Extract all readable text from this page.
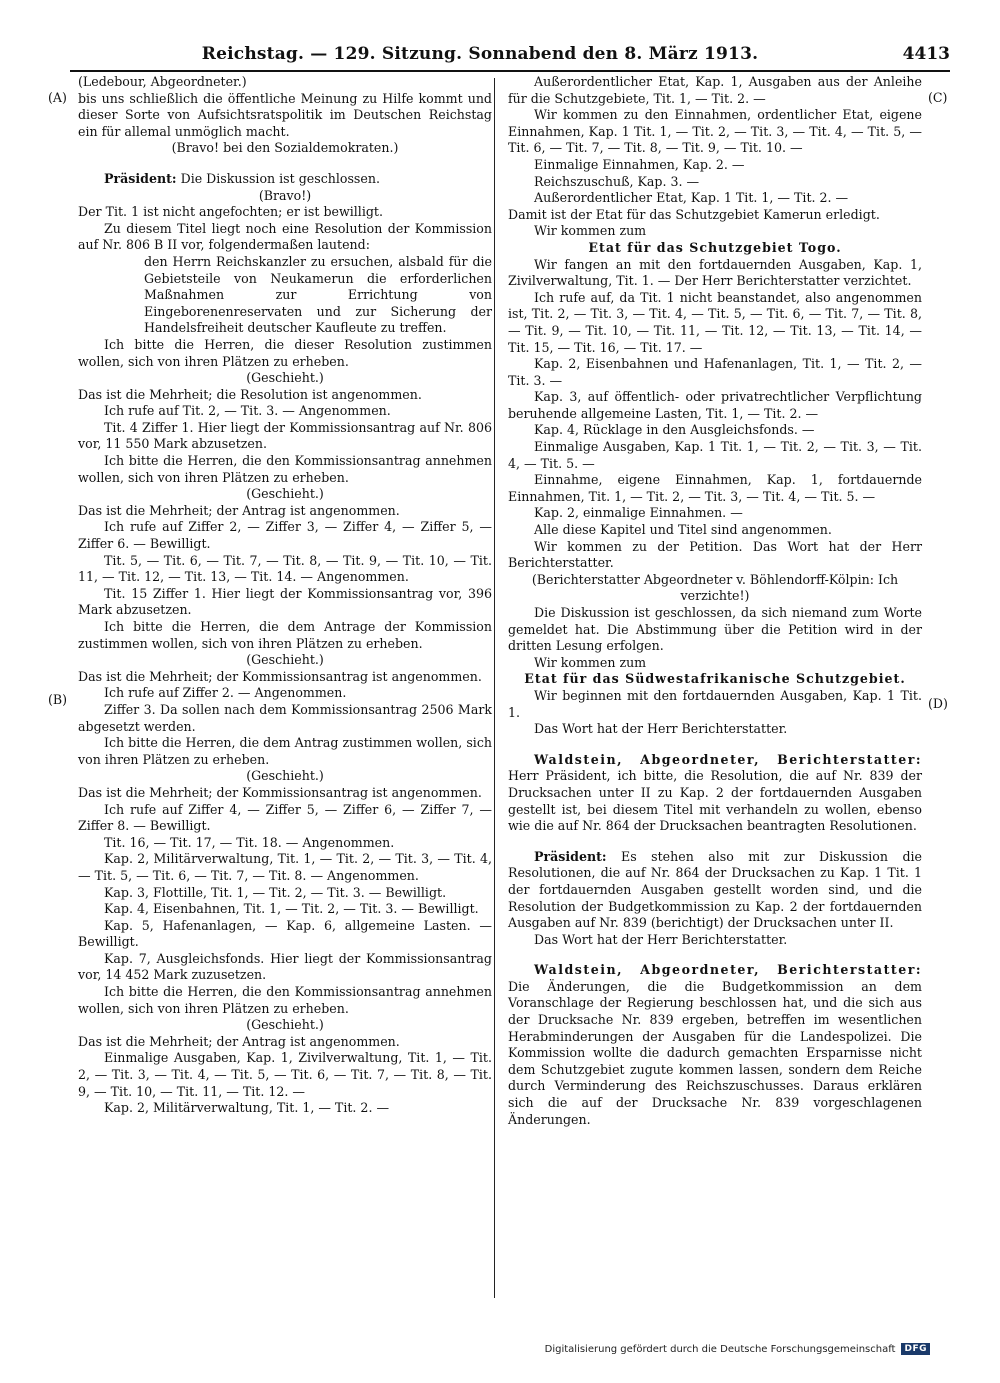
Reichstag. — 129. Sitzung. Sonnabend den 8. März 1913.	4413
(A)
(B)
(C)
(D)

(Ledebour, Abgeordneter.)

bis uns schließlich die öffentliche Meinung zu Hilfe kommt und dieser Sorte von Aufsichtsratspolitik im Deutschen Reichstag ein für allemal unmöglich macht.

(Bravo! bei den Sozialdemokraten.)

Präsident: Die Diskussion ist geschlossen.

(Bravo!)

Der Tit. 1 ist nicht angefochten; er ist bewilligt.

Zu diesem Titel liegt noch eine Resolution der Kommission auf Nr. 806 B II vor, folgendermaßen lautend:

den Herrn Reichskanzler zu ersuchen, alsbald für die Gebietsteile von Neukamerun die erforderlichen Maßnahmen zur Errichtung von Eingeborenenreservaten und zur Sicherung der Handelsfreiheit deutscher Kaufleute zu treffen.

Ich bitte die Herren, die dieser Resolution zustimmen wollen, sich von ihren Plätzen zu erheben.

(Geschieht.)

Das ist die Mehrheit; die Resolution ist angenommen.

Ich rufe auf Tit. 2, — Tit. 3. — Angenommen.

Tit. 4 Ziffer 1. Hier liegt der Kommissionsantrag auf Nr. 806 vor, 11 550 Mark abzusetzen.

Ich bitte die Herren, die den Kommissionsantrag annehmen wollen, sich von ihren Plätzen zu erheben.

(Geschieht.)

Das ist die Mehrheit; der Antrag ist angenommen.

Ich rufe auf Ziffer 2, — Ziffer 3, — Ziffer 4, — Ziffer 5, — Ziffer 6. — Bewilligt.

Tit. 5, — Tit. 6, — Tit. 7, — Tit. 8, — Tit. 9, — Tit. 10, — Tit. 11, — Tit. 12, — Tit. 13, — Tit. 14. — Angenommen.

Tit. 15 Ziffer 1. Hier liegt der Kommissionsantrag vor, 396 Mark abzusetzen.

Ich bitte die Herren, die dem Antrage der Kommission zustimmen wollen, sich von ihren Plätzen zu erheben.

(Geschieht.)

Das ist die Mehrheit; der Kommissionsantrag ist angenommen.

Ich rufe auf Ziffer 2. — Angenommen.

Ziffer 3. Da sollen nach dem Kommissionsantrag 2506 Mark abgesetzt werden.

Ich bitte die Herren, die dem Antrag zustimmen wollen, sich von ihren Plätzen zu erheben.

(Geschieht.)

Das ist die Mehrheit; der Kommissionsantrag ist angenommen.

Ich rufe auf Ziffer 4, — Ziffer 5, — Ziffer 6, — Ziffer 7, — Ziffer 8. — Bewilligt.

Tit. 16, — Tit. 17, — Tit. 18. — Angenommen.

Kap. 2, Militärverwaltung, Tit. 1, — Tit. 2, — Tit. 3, — Tit. 4, — Tit. 5, — Tit. 6, — Tit. 7, — Tit. 8. — Angenommen.

Kap. 3, Flottille, Tit. 1, — Tit. 2, — Tit. 3. — Bewilligt.

Kap. 4, Eisenbahnen, Tit. 1, — Tit. 2, — Tit. 3. — Bewilligt.

Kap. 5, Hafenanlagen, — Kap. 6, allgemeine Lasten. — Bewilligt.

Kap. 7, Ausgleichsfonds. Hier liegt der Kommissionsantrag vor, 14 452 Mark zuzusetzen.

Ich bitte die Herren, die den Kommissionsantrag annehmen wollen, sich von ihren Plätzen zu erheben.

(Geschieht.)

Das ist die Mehrheit; der Antrag ist angenommen.

Einmalige Ausgaben, Kap. 1, Zivilverwaltung, Tit. 1, — Tit. 2, — Tit. 3, — Tit. 4, — Tit. 5, — Tit. 6, — Tit. 7, — Tit. 8, — Tit. 9, — Tit. 10, — Tit. 11, — Tit. 12. —

Kap. 2, Militärverwaltung, Tit. 1, — Tit. 2. —

Außerordentlicher Etat, Kap. 1, Ausgaben aus der Anleihe für die Schutzgebiete, Tit. 1, — Tit. 2. —

Wir kommen zu den Einnahmen, ordentlicher Etat, eigene Einnahmen, Kap. 1 Tit. 1, — Tit. 2, — Tit. 3, — Tit. 4, — Tit. 5, — Tit. 6, — Tit. 7, — Tit. 8, — Tit. 9, — Tit. 10. —

Einmalige Einnahmen, Kap. 2. —

Reichszuschuß, Kap. 3. —

Außerordentlicher Etat, Kap. 1 Tit. 1, — Tit. 2. —

Damit ist der Etat für das Schutzgebiet Kamerun erledigt.

Wir kommen zum

Etat für das Schutzgebiet Togo.

Wir fangen an mit den fortdauernden Ausgaben, Kap. 1, Zivilverwaltung, Tit. 1. — Der Herr Berichterstatter verzichtet.

Ich rufe auf, da Tit. 1 nicht beanstandet, also angenommen ist, Tit. 2, — Tit. 3, — Tit. 4, — Tit. 5, — Tit. 6, — Tit. 7, — Tit. 8, — Tit. 9, — Tit. 10, — Tit. 11, — Tit. 12, — Tit. 13, — Tit. 14, — Tit. 15, — Tit. 16, — Tit. 17. —

Kap. 2, Eisenbahnen und Hafenanlagen, Tit. 1, — Tit. 2, — Tit. 3. —

Kap. 3, auf öffentlich- oder privatrechtlicher Verpflichtung beruhende allgemeine Lasten, Tit. 1, — Tit. 2. —

Kap. 4, Rücklage in den Ausgleichsfonds. —

Einmalige Ausgaben, Kap. 1 Tit. 1, — Tit. 2, — Tit. 3, — Tit. 4, — Tit. 5. —

Einnahme, eigene Einnahmen, Kap. 1, fortdauernde Einnahmen, Tit. 1, — Tit. 2, — Tit. 3, — Tit. 4, — Tit. 5. —

Kap. 2, einmalige Einnahmen. —

Alle diese Kapitel und Titel sind angenommen.

Wir kommen zu der Petition. Das Wort hat der Herr Berichterstatter.

(Berichterstatter Abgeordneter v. Böhlendorff-Kölpin: Ich verzichte!)

Die Diskussion ist geschlossen, da sich niemand zum Worte gemeldet hat. Die Abstimmung über die Petition wird in der dritten Lesung erfolgen.

Wir kommen zum

Etat für das Südwestafrikanische Schutzgebiet.

Wir beginnen mit den fortdauernden Ausgaben, Kap. 1 Tit. 1.

Das Wort hat der Herr Berichterstatter.

Waldstein, Abgeordneter, Berichterstatter: Herr Präsident, ich bitte, die Resolution, die auf Nr. 839 der Drucksachen unter II zu Kap. 2 der fortdauernden Ausgaben gestellt ist, bei diesem Titel mit verhandeln zu wollen, ebenso wie die auf Nr. 864 der Drucksachen beantragten Resolutionen.

Präsident: Es stehen also mit zur Diskussion die Resolutionen, die auf Nr. 864 der Drucksachen zu Kap. 1 Tit. 1 der fortdauernden Ausgaben gestellt worden sind, und die Resolution der Budgetkommission zu Kap. 2 der fortdauernden Ausgaben auf Nr. 839 (berichtigt) der Drucksachen unter II.

Das Wort hat der Herr Berichterstatter.

Waldstein, Abgeordneter, Berichterstatter: Die Änderungen, die die Budgetkommission an dem Voranschlage der Regierung beschlossen hat, und die sich aus der Drucksache Nr. 839 ergeben, betreffen im wesentlichen Herabminderungen der Ausgaben für die Landespolizei. Die Kommission wollte die dadurch gemachten Ersparnisse nicht dem Schutzgebiet zugute kommen lassen, sondern dem Reiche durch Verminderung des Reichszuschusses. Daraus erklären sich die auf der Drucksache Nr. 839 vorgeschlagenen Änderungen.

Digitalisierung gefördert durch die Deutsche Forschungsgemeinschaft	DFG
